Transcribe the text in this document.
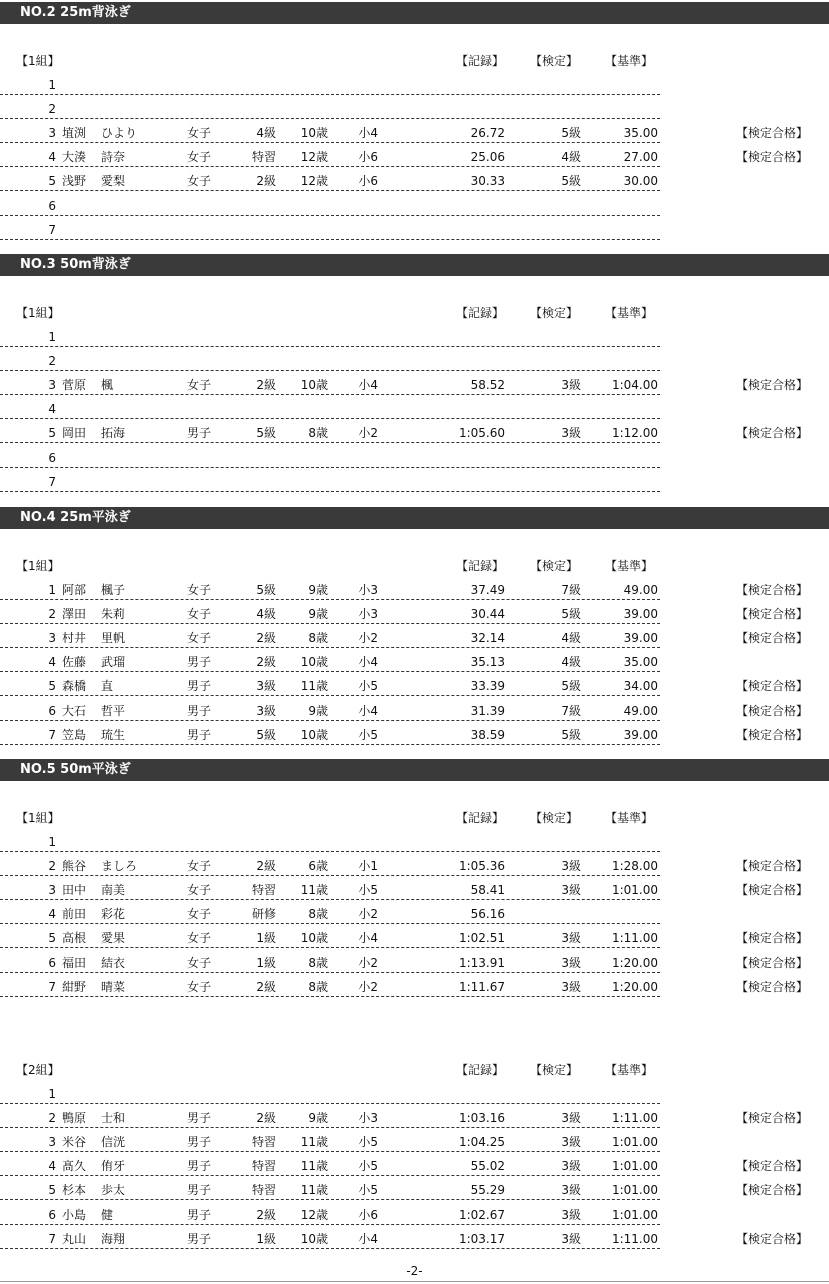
NO.2 25m背泳ぎ
【1組】	【記録】 【検定】 【基準】
1
2
3 埴渕 ひより	女子	4級	10歳	小4	26.72	5級	35.00	【検定合格】
4 大湊 詩奈	女子	特習	12歳	小6	25.06	4級	27.00	【検定合格】
5 浅野 愛梨	女子	2級	12歳	小6	30.33	5級	30.00
6
7
NO.3 50m背泳ぎ
【1組】	【記録】 【検定】 【基準】
1
2
3 菅原 楓	女子	2級	10歳	小4	58.52	3級	1:04.00	【検定合格】
4
5 岡田 拓海	男子	5級	8歳	小2	1:05.60	3級	1:12.00	【検定合格】
6
7
NO.4 25m平泳ぎ
【1組】	【記録】 【検定】 【基準】
1 阿部 楓子	女子	5級	9歳	小3	37.49	7級	49.00	【検定合格】
2 澤田 朱莉	女子	4級	9歳	小3	30.44	5級	39.00	【検定合格】
3 村井 里帆	女子	2級	8歳	小2	32.14	4級	39.00	【検定合格】
4 佐藤 武瑠	男子	2級	10歳	小4	35.13	4級	35.00
5 森橋 直	男子	3級	11歳	小5	33.39	5級	34.00	【検定合格】
6 大石 哲平	男子	3級	9歳	小4	31.39	7級	49.00	【検定合格】
7 笠島 琉生	男子	5級	10歳	小5	38.59	5級	39.00	【検定合格】
NO.5 50m平泳ぎ
【1組】	【記録】 【検定】 【基準】
1
2 熊谷 ましろ	女子	2級	6歳	小1	1:05.36	3級	1:28.00	【検定合格】
3 田中 南美	女子	特習	11歳	小5	58.41	3級	1:01.00	【検定合格】
4 前田 彩花	女子	研修	8歳	小2	56.16
5 高根 愛果	女子	1級	10歳	小4	1:02.51	3級	1:11.00	【検定合格】
6 福田 結衣	女子	1級	8歳	小2	1:13.91	3級	1:20.00	【検定合格】
7 紺野 晴菜	女子	2級	8歳	小2	1:11.67	3級	1:20.00	【検定合格】
【2組】	【記録】 【検定】 【基準】
1
2 鴨原 士和	男子	2級	9歳	小3	1:03.16	3級	1:11.00	【検定合格】
3 米谷 信洸	男子	特習	11歳	小5	1:04.25	3級	1:01.00
4 髙久 侑牙	男子	特習	11歳	小5	55.02	3級	1:01.00	【検定合格】
5 杉本 歩太	男子	特習	11歳	小5	55.29	3級	1:01.00	【検定合格】
6 小島 健	男子	2級	12歳	小6	1:02.67	3級	1:01.00
7 丸山 海翔	男子	1級	10歳	小4	1:03.17	3級	1:11.00	【検定合格】
-2-
